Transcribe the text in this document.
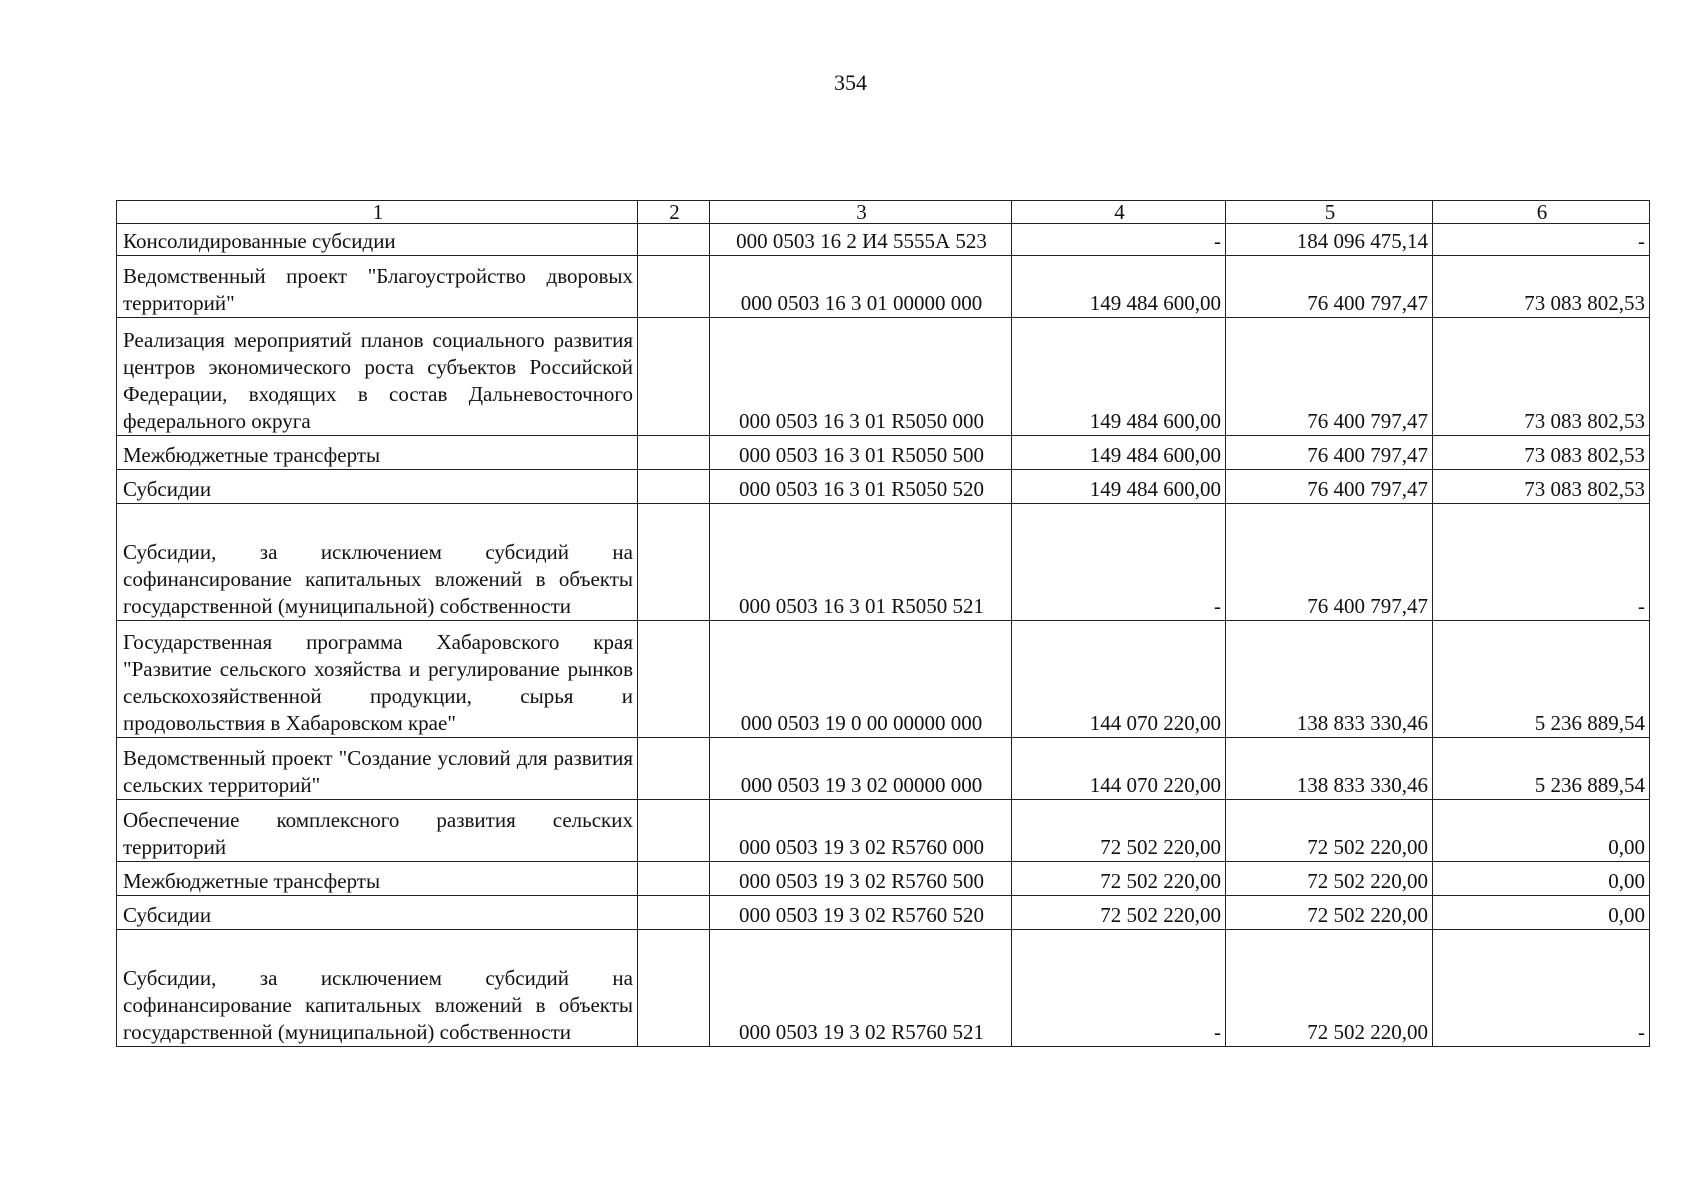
354
1	2	3	4	5	6
Консолидированные субсидии		000 0503 16 2 И4 5555А 523	-	184 096 475,14	-
Ведомственный проект "Благоустройство дворовых территорий"		000 0503 16 3 01 00000 000	149 484 600,00	76 400 797,47	73 083 802,53
Реализация мероприятий планов социального развития центров экономического роста субъектов Российской Федерации, входящих в состав Дальневосточного федерального округа		000 0503 16 3 01 R5050 000	149 484 600,00	76 400 797,47	73 083 802,53
Межбюджетные трансферты		000 0503 16 3 01 R5050 500	149 484 600,00	76 400 797,47	73 083 802,53
Субсидии		000 0503 16 3 01 R5050 520	149 484 600,00	76 400 797,47	73 083 802,53
Субсидии, за исключением субсидий на софинансирование капитальных вложений в объекты государственной (муниципальной) собственности		000 0503 16 3 01 R5050 521	-	76 400 797,47	-
Государственная программа Хабаровского края "Развитие сельского хозяйства и регулирование рынков сельскохозяйственной продукции, сырья и продовольствия в Хабаровском крае"		000 0503 19 0 00 00000 000	144 070 220,00	138 833 330,46	5 236 889,54
Ведомственный проект "Создание условий для развития сельских территорий"		000 0503 19 3 02 00000 000	144 070 220,00	138 833 330,46	5 236 889,54
Обеспечение комплексного развития сельских территорий		000 0503 19 3 02 R5760 000	72 502 220,00	72 502 220,00	0,00
Межбюджетные трансферты		000 0503 19 3 02 R5760 500	72 502 220,00	72 502 220,00	0,00
Субсидии		000 0503 19 3 02 R5760 520	72 502 220,00	72 502 220,00	0,00
Субсидии, за исключением субсидий на софинансирование капитальных вложений в объекты государственной (муниципальной) собственности		000 0503 19 3 02 R5760 521	-	72 502 220,00	-
